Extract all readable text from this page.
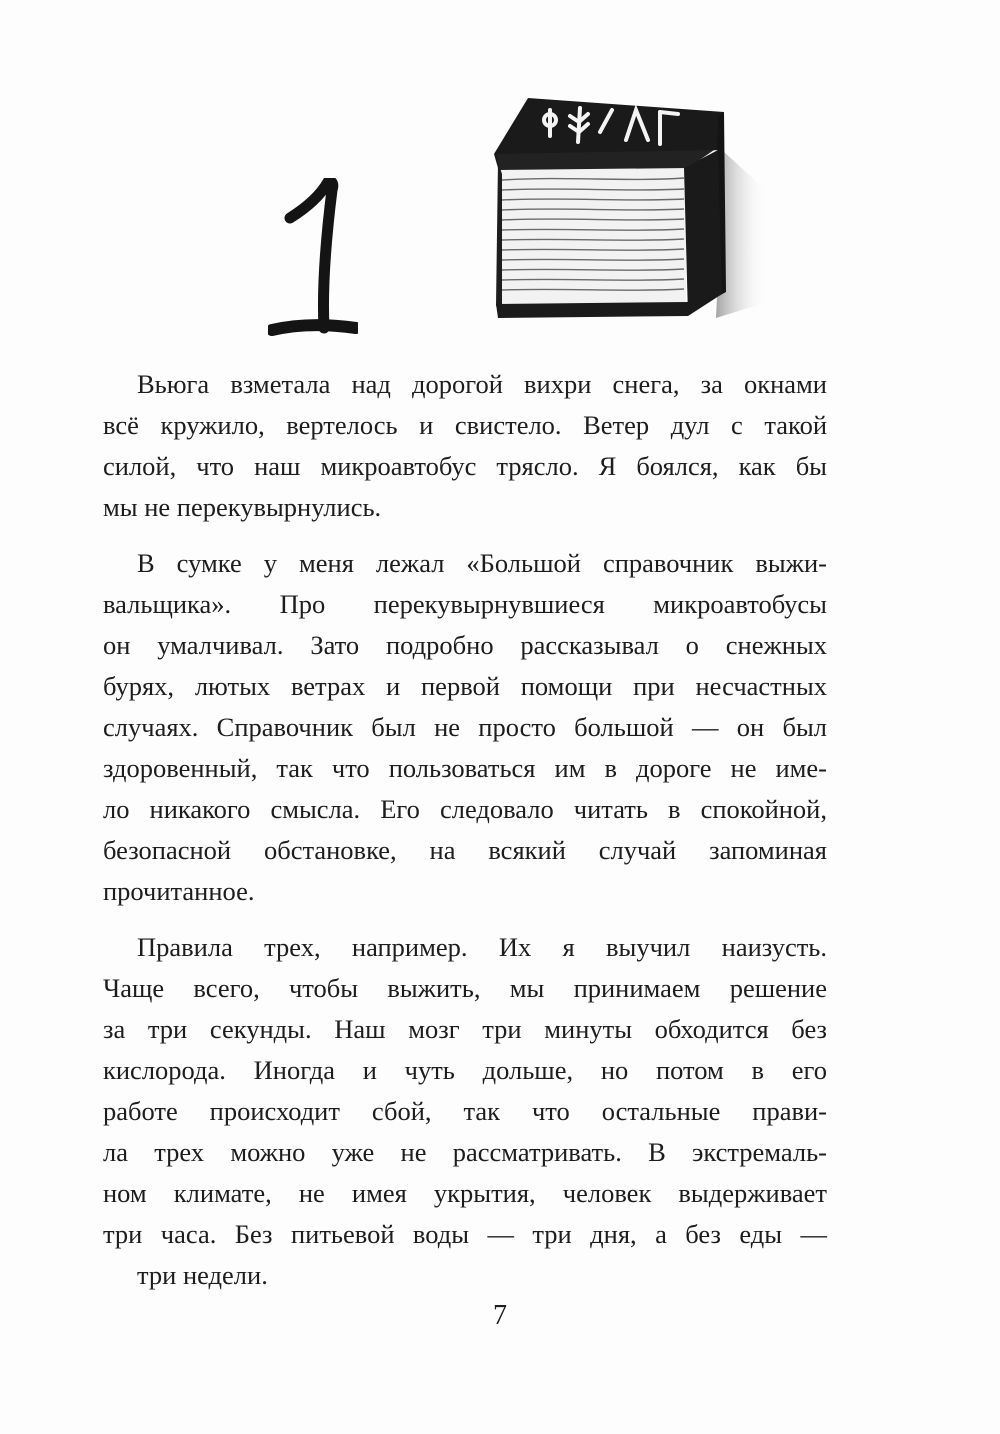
Вьюга взметала над дорогой вихри снега, за окнами
всё кружило, вертелось и свистело. Ветер дул с такой
силой, что наш микроавтобус трясло. Я боялся, как бы
мы не перекувырнулись.
В сумке у меня лежал «Большой справочник выжи-
вальщика». Про перекувырнувшиеся микроавтобусы
он умалчивал. Зато подробно рассказывал о снежных
бурях, лютых ветрах и первой помощи при несчастных
случаях. Справочник был не просто большой — он был
здоровенный, так что пользоваться им в дороге не име-
ло никакого смысла. Его следовало читать в спокойной,
безопасной обстановке, на всякий случай запоминая
прочитанное.
Правила трех, например. Их я выучил наизусть.
Чаще всего, чтобы выжить, мы принимаем решение
за три секунды. Наш мозг три минуты обходится без
кислорода. Иногда и чуть дольше, но потом в его
работе происходит сбой, так что остальные прави-
ла трех можно уже не рассматривать. В экстремаль-
ном климате, не имея укрытия, человек выдерживает
три часа. Без питьевой воды — три дня, а без еды —
три недели.
7
